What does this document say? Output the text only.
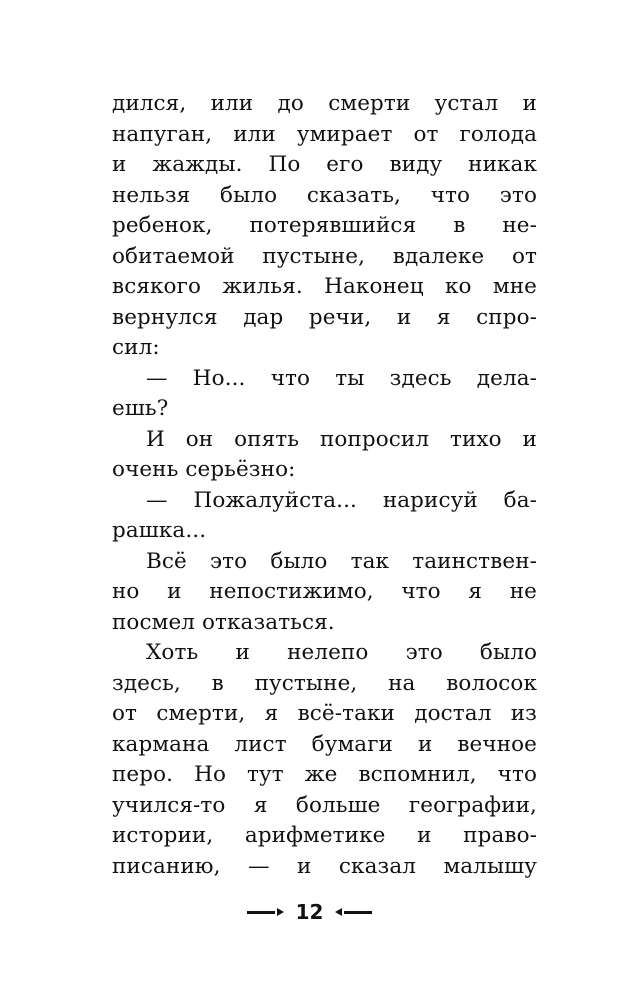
дился, или до смерти устал и
напуган, или умирает от голода
и жажды. По его виду никак
нельзя было сказать, что это
ребенок, потерявшийся в не-
обитаемой пустыне, вдалеке от
всякого жилья. Наконец ко мне
вернулся дар речи, и я спро-
сил:
— Но... что ты здесь дела-
ешь?
И он опять попросил тихо и
очень серьёзно:
— Пожалуйста... нарисуй ба-
рашка...
Всё это было так таинствен-
но и непостижимо, что я не
посмел отказаться.
Хоть и нелепо это было
здесь, в пустыне, на волосок
от смерти, я всё-таки достал из
кармана лист бумаги и вечное
перо. Но тут же вспомнил, что
учился-то я больше географии,
истории, арифметике и право-
писанию, — и сказал малышу
12
